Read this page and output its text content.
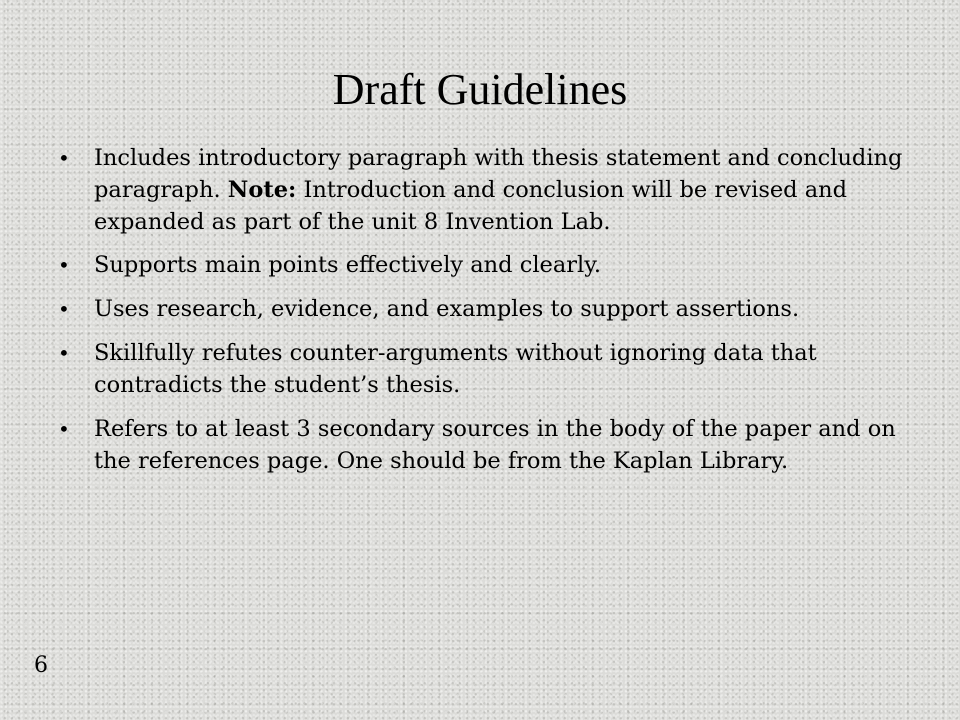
Draft Guidelines
• Includes introductory paragraph with thesis statement and concluding paragraph. Note: Introduction and conclusion will be revised and expanded as part of the unit 8 Invention Lab.
• Supports main points effectively and clearly.
• Uses research, evidence, and examples to support assertions.
• Skillfully refutes counter-arguments without ignoring data that contradicts the student’s thesis.
• Refers to at least 3 secondary sources in the body of the paper and on the references page. One should be from the Kaplan Library.
6
